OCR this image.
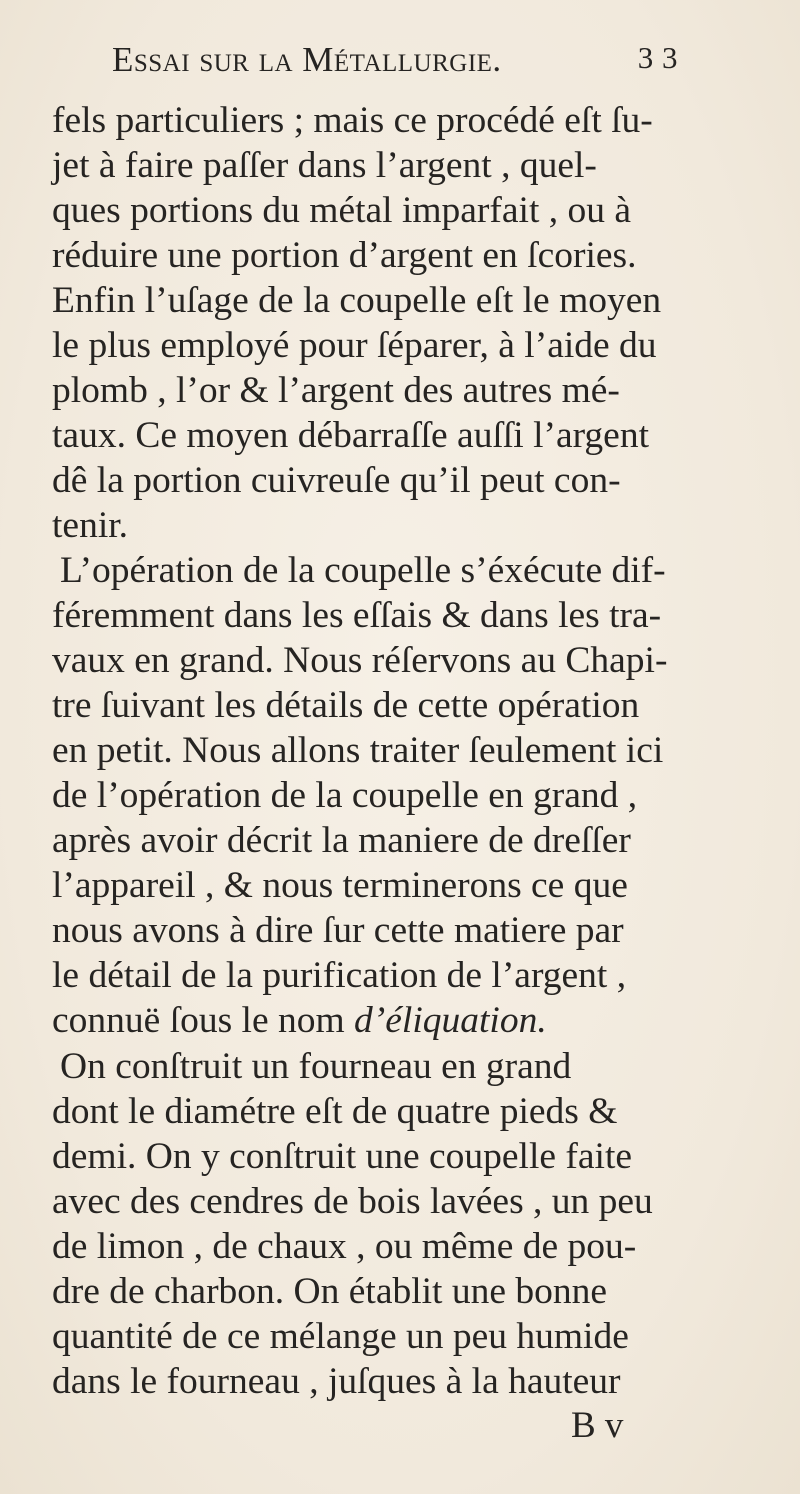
Essai sur la Métallurgie.	3 3
fels particuliers ; mais ce procédé eſt ſu-
jet à faire paſſer dans l’argent , quel-
ques portions du métal imparfait , ou à
réduire une portion d’argent en ſcories.
Enfin l’uſage de la coupelle eſt le moyen
le plus employé pour ſéparer, à l’aide du
plomb , l’or & l’argent des autres mé-
taux. Ce moyen débarraſſe auſſi l’argent
dê la portion cuivreuſe qu’il peut con-
tenir.
L’opération de la coupelle s’éxécute dif-
féremment dans les eſſais & dans les tra-
vaux en grand. Nous réſervons au Chapi-
tre ſuivant les détails de cette opération
en petit. Nous allons traiter ſeulement ici
de l’opération de la coupelle en grand ,
après avoir décrit la maniere de dreſſer
l’appareil , & nous terminerons ce que
nous avons à dire ſur cette matiere par
le détail de la purification de l’argent ,
connuë ſous le nom d’éliquation.
On conſtruit un fourneau en grand
dont le diamétre eſt de quatre pieds &
demi. On y conſtruit une coupelle faite
avec des cendres de bois lavées , un peu
de limon , de chaux , ou même de pou-
dre de charbon. On établit une bonne
quantité de ce mélange un peu humide
dans le fourneau , juſques à la hauteur
B v
